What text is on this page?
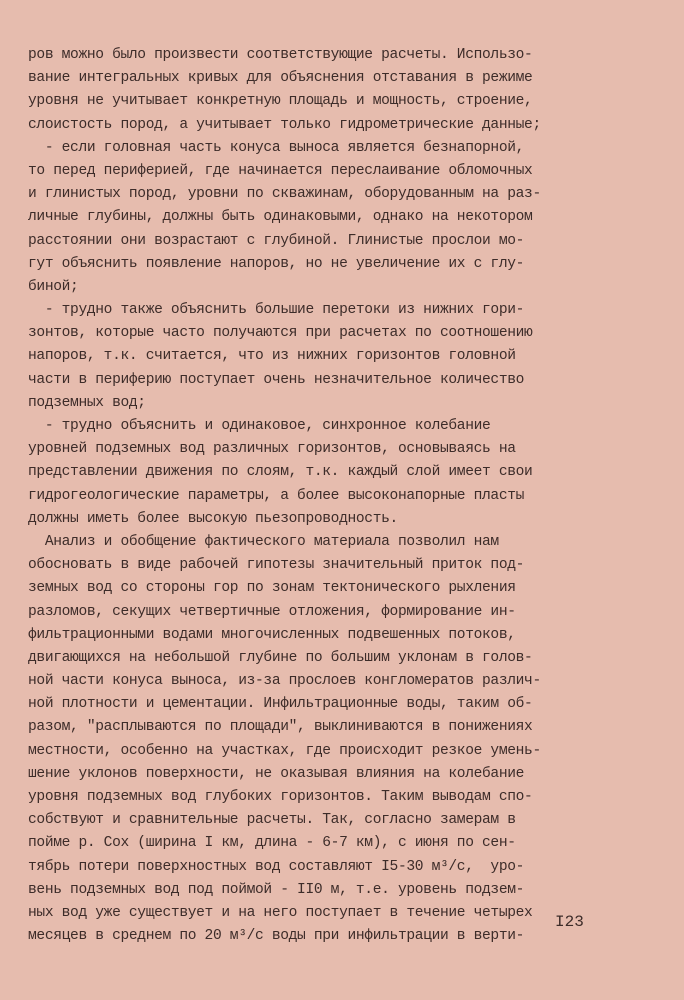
ров можно было произвести соответствующие расчеты. Использо-
вание интегральных кривых для объяснения отставания в режиме
уровня не учитывает конкретную площадь и мощность, строение,
слоистость пород, а учитывает только гидрометрические данные;
- если головная часть конуса выноса является безнапорной,
то перед периферией, где начинается переслаивание обломочных
и глинистых пород, уровни по скважинам, оборудованным на раз-
личные глубины, должны быть одинаковыми, однако на некотором
расстоянии они возрастают с глубиной. Глинистые прослои мо-
гут объяснить появление напоров, но не увеличение их с глу-
биной;
- трудно также объяснить большие перетоки из нижних гори-
зонтов, которые часто получаются при расчетах по соотношению
напоров, т.к. считается, что из нижних горизонтов головной
части в периферию поступает очень незначительное количество
подземных вод;
- трудно объяснить и одинаковое, синхронное колебание
уровней подземных вод различных горизонтов, основываясь на
представлении движения по слоям, т.к. каждый слой имеет свои
гидрогеологические параметры, а более высоконапорные пласты
должны иметь более высокую пьезопроводность.
Анализ и обобщение фактического материала позволил нам
обосновать в виде рабочей гипотезы значительный приток под-
земных вод со стороны гор по зонам тектонического рыхления
разломов, секущих четвертичные отложения, формирование ин-
фильтрационными водами многочисленных подвешенных потоков,
двигающихся на небольшой глубине по большим уклонам в голов-
ной части конуса выноса, из-за прослоев конгломератов различ-
ной плотности и цементации. Инфильтрационные воды, таким об-
разом, "расплываются по площади", выклиниваются в понижениях
местности, особенно на участках, где происходит резкое умень-
шение уклонов поверхности, не оказывая влияния на колебание
уровня подземных вод глубоких горизонтов. Таким выводам спо-
собствуют и сравнительные расчеты. Так, согласно замерам в
пойме р. Сох (ширина I км, длина - 6-7 км), с июня по сен-
тябрь потери поверхностных вод составляют I5-30 м³/с,  уро-
вень подземных вод под поймой - II0 м, т.е. уровень подзем-
ных вод уже существует и на него поступает в течение четырех
месяцев в среднем по 20 м³/с воды при инфильтрации в верти-
I23
